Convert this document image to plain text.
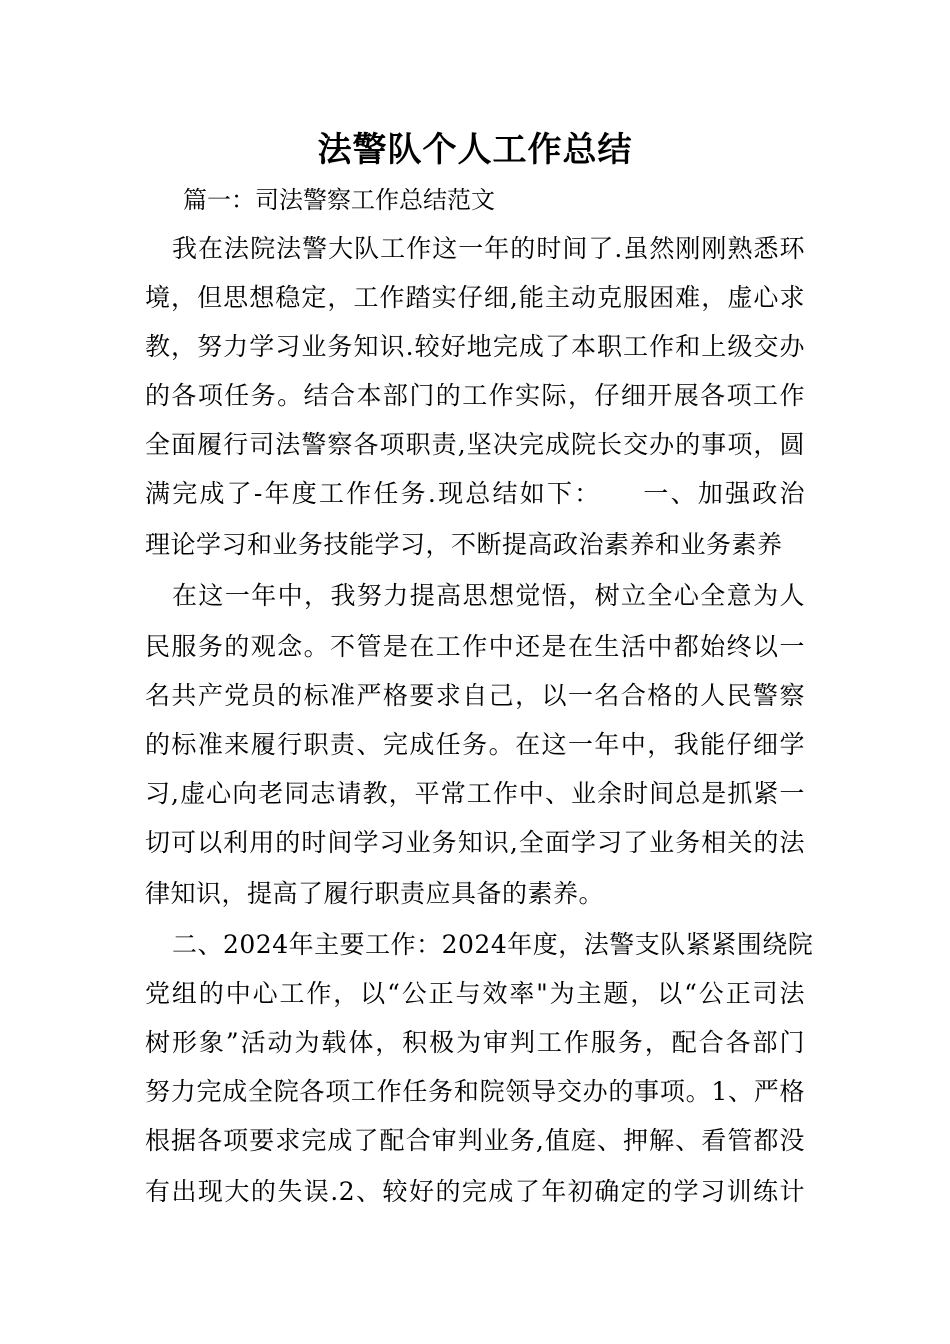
法警队个人工作总结
篇一：司法警察工作总结范文
我在法院法警大队工作这一年的时间了.虽然刚刚熟悉环
境，但思想稳定，工作踏实仔细,能主动克服困难，虚心求
教，努力学习业务知识.较好地完成了本职工作和上级交办
的各项任务。结合本部门的工作实际，仔细开展各项工作
全面履行司法警察各项职责,坚决完成院长交办的事项，圆
满完成了-年度工作任务.现总结如下：　　一、加强政治
理论学习和业务技能学习，不断提高政治素养和业务素养
在这一年中，我努力提高思想觉悟，树立全心全意为人
民服务的观念。不管是在工作中还是在生活中都始终以一
名共产党员的标准严格要求自己，以一名合格的人民警察
的标准来履行职责、完成任务。在这一年中，我能仔细学
习,虚心向老同志请教，平常工作中、业余时间总是抓紧一
切可以利用的时间学习业务知识,全面学习了业务相关的法
律知识，提高了履行职责应具备的素养。
二、2024年主要工作：2024年度，法警支队紧紧围绕院
党组的中心工作，以“公正与效率"为主题，以“公正司法
树形象”活动为载体，积极为审判工作服务，配合各部门
努力完成全院各项工作任务和院领导交办的事项。1、严格
根据各项要求完成了配合审判业务,值庭、押解、看管都没
有出现大的失误.2、较好的完成了年初确定的学习训练计
